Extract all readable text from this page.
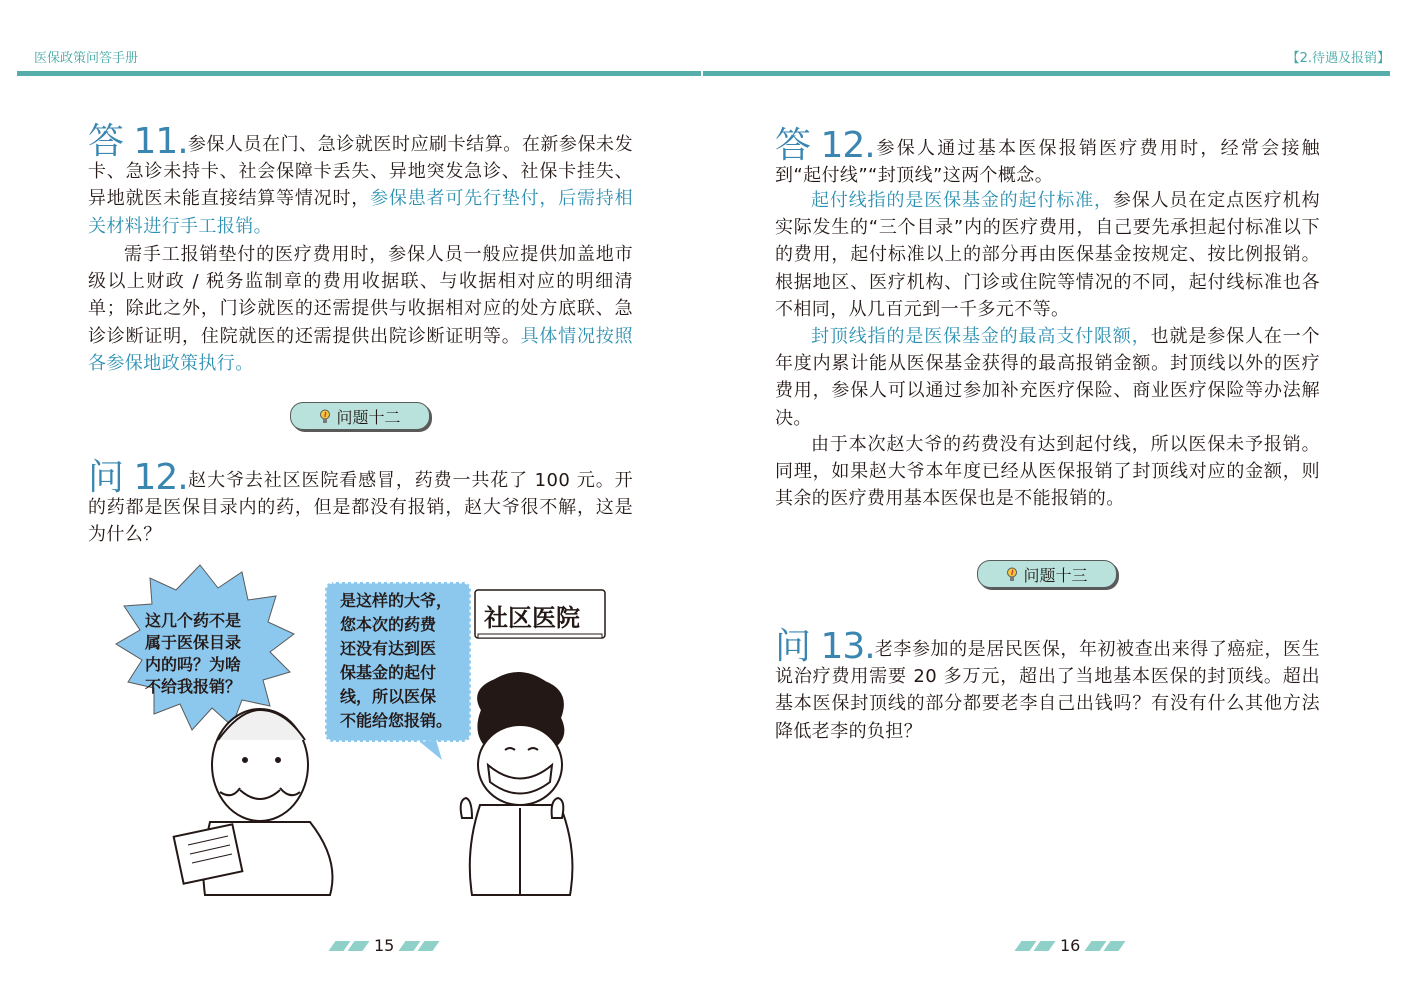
医保政策问答手册	【2.待遇及报销】
答 11.参保人员在门、急诊就医时应刷卡结算。在新参保未发卡、急诊未持卡、社会保障卡丢失、异地突发急诊、社保卡挂失、异地就医未能直接结算等情况时，参保患者可先行垫付，后需持相关材料进行手工报销。
需手工报销垫付的医疗费用时，参保人员一般应提供加盖地市级以上财政 / 税务监制章的费用收据联、与收据相对应的明细清单；除此之外，门诊就医的还需提供与收据相对应的处方底联、急诊诊断证明，住院就医的还需提供出院诊断证明等。具体情况按照各参保地政策执行。
问题十二
问 12.赵大爷去社区医院看感冒，药费一共花了 100 元。开的药都是医保目录内的药，但是都没有报销，赵大爷很不解，这是为什么？
这几个药不是
属于医保目录
内的吗？为啥
不给我报销？
是这样的大爷，
您本次的药费
还没有达到医
保基金的起付
线，所以医保
不能给您报销。
社区医院
15
答 12.参保人通过基本医保报销医疗费用时，经常会接触到“起付线”“封顶线”这两个概念。
起付线指的是医保基金的起付标准，参保人员在定点医疗机构实际发生的“三个目录”内的医疗费用，自己要先承担起付标准以下的费用，起付标准以上的部分再由医保基金按规定、按比例报销。根据地区、医疗机构、门诊或住院等情况的不同，起付线标准也各不相同，从几百元到一千多元不等。
封顶线指的是医保基金的最高支付限额，也就是参保人在一个年度内累计能从医保基金获得的最高报销金额。封顶线以外的医疗费用，参保人可以通过参加补充医疗保险、商业医疗保险等办法解决。
由于本次赵大爷的药费没有达到起付线，所以医保未予报销。同理，如果赵大爷本年度已经从医保报销了封顶线对应的金额，则其余的医疗费用基本医保也是不能报销的。
问题十三
问 13.老李参加的是居民医保，年初被查出来得了癌症，医生说治疗费用需要 20 多万元，超出了当地基本医保的封顶线。超出基本医保封顶线的部分都要老李自己出钱吗？有没有什么其他方法降低老李的负担？
16
